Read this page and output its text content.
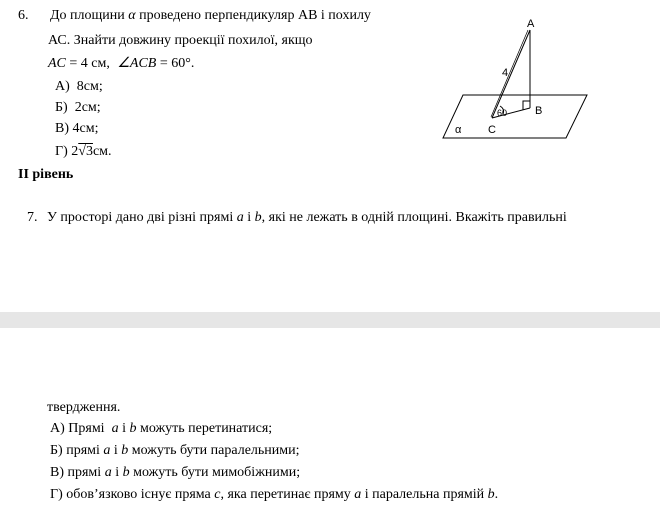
6. До площини α проведено перпендикуляр АВ і похилу
АС. Знайти довжину проекції похилої, якщо
AC = 4 см, ∠ACB = 60°.
А) 8см;
Б) 2см;
В) 4см;
Г) 2√3см.
A
B
C
4
60
α
ІІ рівень
7. У просторі дано дві різні прямі a і b, які не лежать в одній площині. Вкажіть правильні
твердження.
А) Прямі a і b можуть перетинатися;
Б) прямі a і b можуть бути паралельними;
В) прямі a і b можуть бути мимобіжними;
Г) обов’язково існує пряма c, яка перетинає пряму a і паралельна прямій b.
